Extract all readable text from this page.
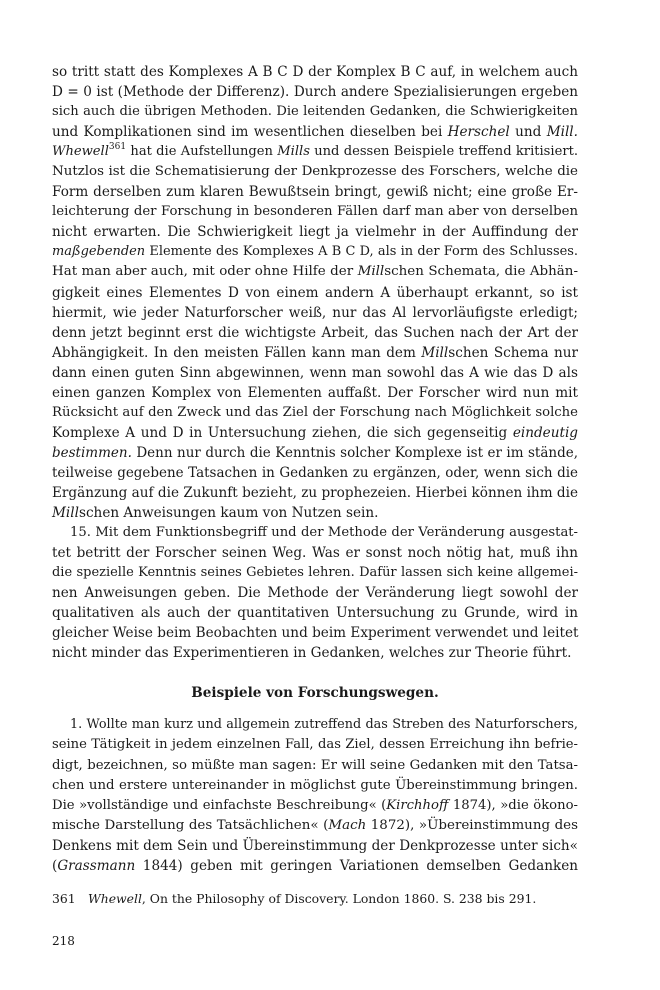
so tritt statt des Komplexes A B C D der Komplex B C auf, in welchem auch
D = 0 ist (Methode der Differenz). Durch andere Spezialisierungen ergeben
sich auch die übrigen Methoden. Die leitenden Gedanken, die Schwierigkeiten
und Komplikationen sind im wesentlichen dieselben bei Herschel und Mill.
Whewell$^{361}$ hat die Aufstellungen Mills und dessen Beispiele treffend kritisiert.
Nutzlos ist die Schematisierung der Denkprozesse des Forschers, welche die
Form derselben zum klaren Bewußtsein bringt, gewiß nicht; eine große Er-
leichterung der Forschung in besonderen Fällen darf man aber von derselben
nicht erwarten. Die Schwierigkeit liegt ja vielmehr in der Auffindung der
maßgebenden Elemente des Komplexes A B C D, als in der Form des Schlusses.
Hat man aber auch, mit oder ohne Hilfe der Millschen Schemata, die Abhän-
gigkeit eines Elementes D von einem andern A überhaupt erkannt, so ist
hiermit, wie jeder Naturforscher weiß, nur das Al lervorläufigste erledigt;
denn jetzt beginnt erst die wichtigste Arbeit, das Suchen nach der Art der
Abhängigkeit. In den meisten Fällen kann man dem Millschen Schema nur
dann einen guten Sinn abgewinnen, wenn man sowohl das A wie das D als
einen ganzen Komplex von Elementen auffaßt. Der Forscher wird nun mit
Rücksicht auf den Zweck und das Ziel der Forschung nach Möglichkeit solche
Komplexe A und D in Untersuchung ziehen, die sich gegenseitig eindeutig
bestimmen. Denn nur durch die Kenntnis solcher Komplexe ist er im stände,
teilweise gegebene Tatsachen in Gedanken zu ergänzen, oder, wenn sich die
Ergänzung auf die Zukunft bezieht, zu prophezeien. Hierbei können ihm die
Millschen Anweisungen kaum von Nutzen sein.
15. Mit dem Funktionsbegriff und der Methode der Veränderung ausgestat-
tet betritt der Forscher seinen Weg. Was er sonst noch nötig hat, muß ihn
die spezielle Kenntnis seines Gebietes lehren. Dafür lassen sich keine allgemei-
nen Anweisungen geben. Die Methode der Veränderung liegt sowohl der
qualitativen als auch der quantitativen Untersuchung zu Grunde, wird in
gleicher Weise beim Beobachten und beim Experiment verwendet und leitet
nicht minder das Experimentieren in Gedanken, welches zur Theorie führt.
Beispiele von Forschungswegen.
1. Wollte man kurz und allgemein zutreffend das Streben des Naturforschers,
seine Tätigkeit in jedem einzelnen Fall, das Ziel, dessen Erreichung ihn befrie-
digt, bezeichnen, so müßte man sagen: Er will seine Gedanken mit den Tatsa-
chen und erstere untereinander in möglichst gute Übereinstimmung bringen.
Die »vollständige und einfachste Beschreibung« (Kirchhoff 1874), »die ökono-
mische Darstellung des Tatsächlichen« (Mach 1872), »Übereinstimmung des
Denkens mit dem Sein und Übereinstimmung der Denkprozesse unter sich«
(Grassmann 1844) geben mit geringen Variationen demselben Gedanken
361 Whewell, On the Philosophy of Discovery. London 1860. S. 238 bis 291.
218
